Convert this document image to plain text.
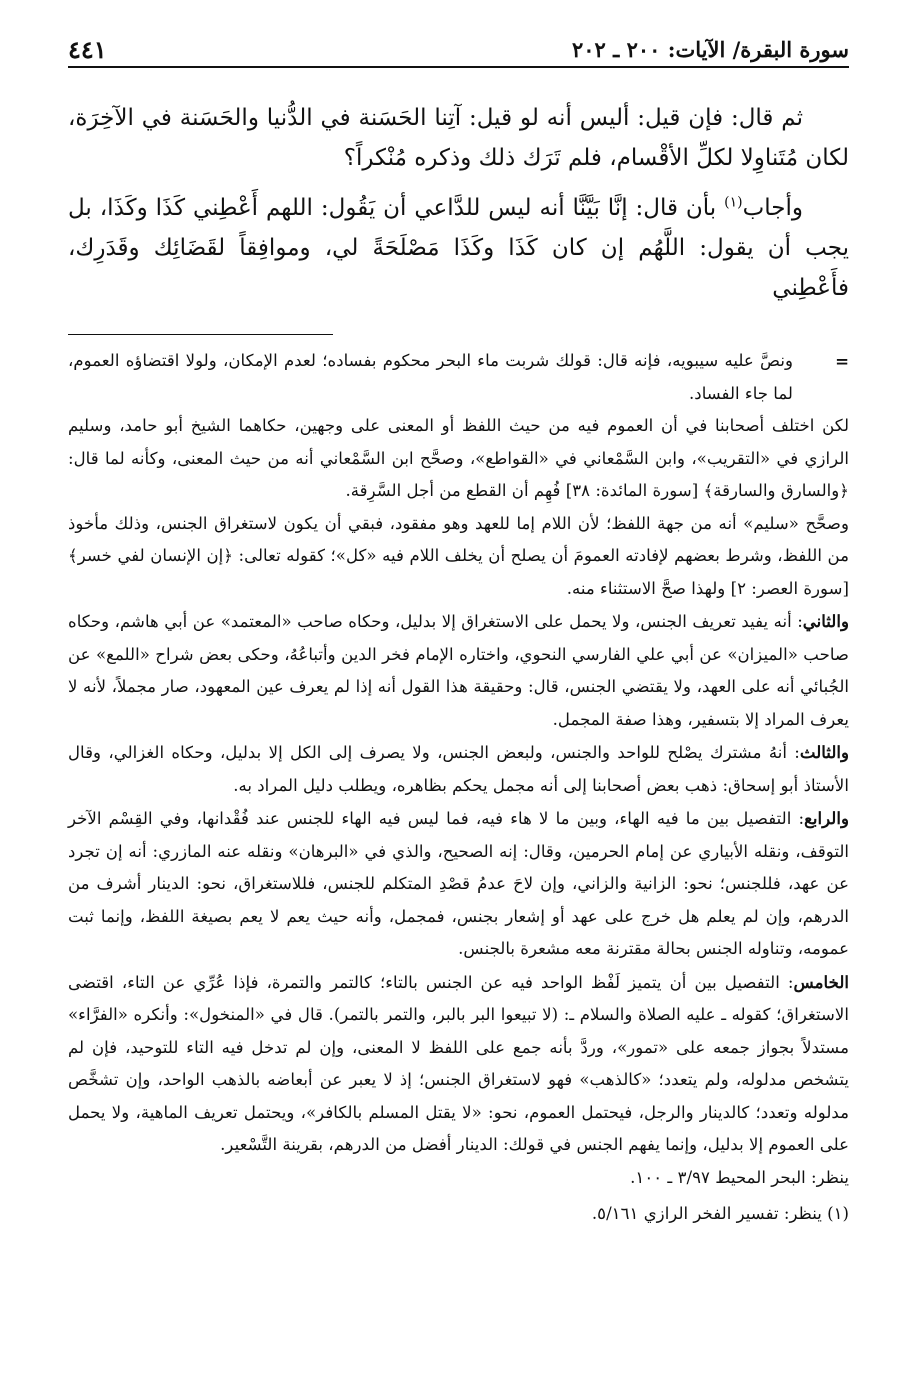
سورة البقرة/ الآيات: ٢٠٠ ـ ٢٠٢
٤٤١

ثم قال: فإن قيل: أليس أنه لو قيل: آتِنا الحَسَنة في الدُّنيا والحَسَنة في الآخِرَة، لكان مُتَناوِلا لكلِّ الأقْسام، فلم تَرَك ذلك وذكره مُنْكراً؟

وأجاب$^{(١)}$ بأن قال: إنَّا بَيَّنَّا أنه ليس للدَّاعي أن يَقُول: اللهم أَعْطِني كَذَا وكَذَا، بل يجب أن يقول: اللَّهُم إن كان كَذَا وكَذَا مَصْلَحَةً لي، وموافِقاً لقَضَائِك وقَدَرِك، فأَعْطِني

=
ونصَّ عليه سيبويه، فإنه قال: قولك شربت ماء البحر محكوم بفساده؛ لعدم الإمكان، ولولا اقتضاؤه العموم، لما جاء الفساد.

لكن اختلف أصحابنا في أن العموم فيه من حيث اللفظ أو المعنى على وجهين، حكاهما الشيخ أبو حامد، وسليم الرازي في «التقريب»، وابن السَّمْعاني في «القواطع»، وصحَّح ابن السَّمْعاني أنه من حيث المعنى، وكأنه لما قال: ﴿والسارق والسارقة﴾ [سورة المائدة: ٣٨] فُهِم أن القطع من أجل السَّرِقة.

وصحَّح «سليم» أنه من جهة اللفظ؛ لأن اللام إما للعهد وهو مفقود، فبقي أن يكون لاستغراق الجنس، وذلك مأخوذ من اللفظ، وشرط بعضهم لإفادته العمومَ أن يصلح أن يخلف اللام فيه «كل»؛ كقوله تعالى: ﴿إن الإنسان لفي خسر﴾ [سورة العصر: ٢] ولهذا صحَّ الاستثناء منه.

والثاني: أنه يفيد تعريف الجنس، ولا يحمل على الاستغراق إلا بدليل، وحكاه صاحب «المعتمد» عن أبي هاشم، وحكاه صاحب «الميزان» عن أبي علي الفارسي النحوي، واختاره الإمام فخر الدين وأتباعُهُ، وحكى بعض شراح «اللمع» عن الجُبائي أنه على العهد، ولا يقتضي الجنس، قال: وحقيقة هذا القول أنه إذا لم يعرف عين المعهود، صار مجملاً، لأنه لا يعرف المراد إلا بتسفير، وهذا صفة المجمل.

والثالث: أنهُ مشترك يصْلح للواحد والجنس، ولبعض الجنس، ولا يصرف إلى الكل إلا بدليل، وحكاه الغزالي، وقال الأستاذ أبو إسحاق: ذهب بعض أصحابنا إلى أنه مجمل يحكم بظاهره، ويطلب دليل المراد به.

والرابع: التفصيل بين ما فيه الهاء، وبين ما لا هاء فيه، فما ليس فيه الهاء للجنس عند فُقْدانها، وفي القِسْم الآخر التوقف، ونقله الأبياري عن إمام الحرمين، وقال: إنه الصحيح، والذي في «البرهان» ونقله عنه المازري: أنه إن تجرد عن عهد، فللجنس؛ نحو: الزانية والزاني، وإن لاحَ عدمُ قصْدِ المتكلم للجنس، فللاستغراق، نحو: الدينار أشرف من الدرهم، وإن لم يعلم هل خرج على عهد أو إشعار بجنس، فمجمل، وأنه حيث يعم لا يعم بصيغة اللفظ، وإنما ثبت عمومه، وتناوله الجنس بحالة مقترنة معه مشعرة بالجنس.

الخامس: التفصيل بين أن يتميز لَفْظ الواحد فيه عن الجنس بالتاء؛ كالتمر والتمرة، فإذا عُرِّي عن التاء، اقتضى الاستغراق؛ كقوله ـ عليه الصلاة والسلام ـ: (لا تبيعوا البر بالبر، والتمر بالتمر). قال في «المنخول»: وأنكره «الفرَّاء» مستدلاً بجواز جمعه على «تمور»، وردَّ بأنه جمع على اللفظ لا المعنى، وإن لم تدخل فيه التاء للتوحيد، فإن لم يتشخص مدلوله، ولم يتعدد؛ «كالذهب» فهو لاستغراق الجنس؛ إذ لا يعبر عن أبعاضه بالذهب الواحد، وإن تشخَّص مدلوله وتعدد؛ كالدينار والرجل، فيحتمل العموم، نحو: «لا يقتل المسلم بالكافر»، ويحتمل تعريف الماهية، ولا يحمل على العموم إلا بدليل، وإنما يفهم الجنس في قولك: الدينار أفضل من الدرهم، بقرينة التَّسْعير.

ينظر: البحر المحيط ٣/٩٧ ـ ١٠٠.

(١) ينظر: تفسير الفخر الرازي ٥/١٦١.
